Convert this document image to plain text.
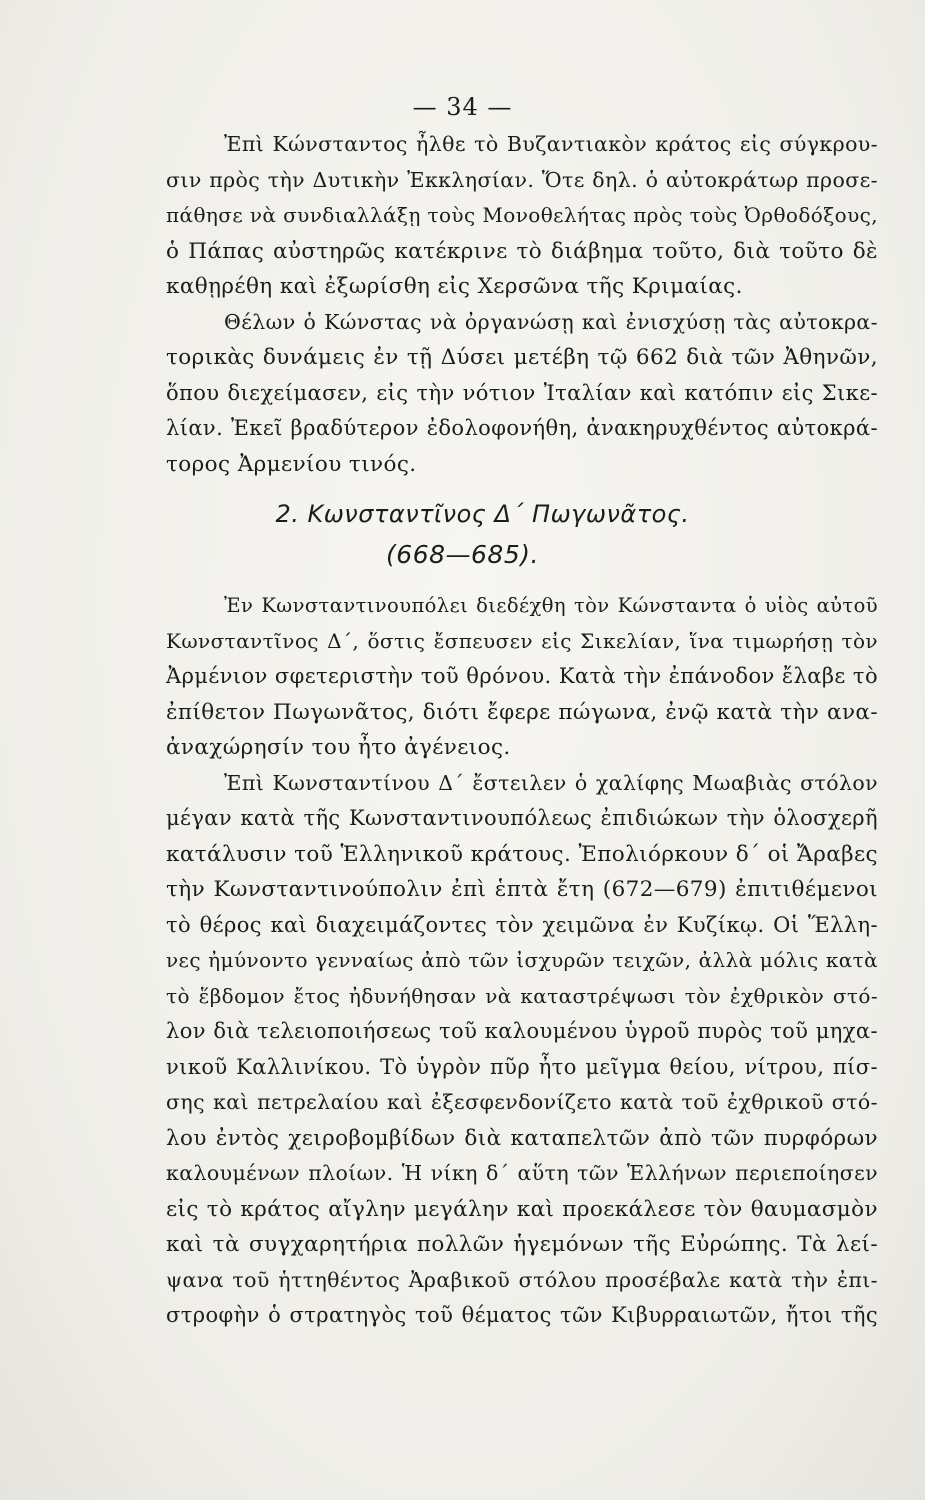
— 34 —
Ἐπὶ Κώνσταντος ἦλθε τὸ Βυζαντιακὸν κράτος εἰς σύγκρου-
σιν πρὸς τὴν Δυτικὴν Ἐκκλησίαν. Ὅτε δηλ. ὁ αὐτοκράτωρ προσε-
πάθησε νὰ συνδιαλλάξῃ τοὺς Μονοθελήτας πρὸς τοὺς Ὀρθοδόξους,
ὁ Πάπας αὐστηρῶς κατέκρινε τὸ διάβημα τοῦτο, διὰ τοῦτο δὲ
καθῃρέθη καὶ ἐξωρίσθη εἰς Χερσῶνα τῆς Κριμαίας.
Θέλων ὁ Κώνστας νὰ ὀργανώσῃ καὶ ἐνισχύσῃ τὰς αὐτοκρα-
τορικὰς δυνάμεις ἐν τῇ Δύσει μετέβη τῷ 662 διὰ τῶν Ἀθηνῶν,
ὅπου διεχείμασεν, εἰς τὴν νότιον Ἰταλίαν καὶ κατόπιν εἰς Σικε-
λίαν. Ἐκεῖ βραδύτερον ἐδολοφονήθη, ἀνακηρυχθέντος αὐτοκρά-
τορος Ἀρμενίου τινός.
2. Κωνσταντῖνος Δ΄ Πωγωνᾶτος.
(668—685).
Ἐν Κωνσταντινουπόλει διεδέχθη τὸν Κώνσταντα ὁ υἱὸς αὐτοῦ
Κωνσταντῖνος Δ΄, ὅστις ἔσπευσεν εἰς Σικελίαν, ἵνα τιμωρήσῃ τὸν
Ἀρμένιον σφετεριστὴν τοῦ θρόνου. Κατὰ τὴν ἐπάνοδον ἔλαβε τὸ
ἐπίθετον Πωγωνᾶτος, διότι ἔφερε πώγωνα, ἐνῷ κατὰ τὴν ανα-
ἀναχώρησίν του ἦτο ἀγένειος.
Ἐπὶ Κωνσταντίνου Δ΄ ἔστειλεν ὁ χαλίφης Μωαβιὰς στόλον
μέγαν κατὰ τῆς Κωνσταντινουπόλεως ἐπιδιώκων τὴν ὁλοσχερῆ
κατάλυσιν τοῦ Ἑλληνικοῦ κράτους. Ἐπολιόρκουν δ΄ οἱ Ἄραβες
τὴν Κωνσταντινούπολιν ἐπὶ ἑπτὰ ἔτη (672—679) ἐπιτιθέμενοι
τὸ θέρος καὶ διαχειμάζοντες τὸν χειμῶνα ἐν Κυζίκῳ. Οἱ Ἕλλη-
νες ἠμύνοντο γενναίως ἀπὸ τῶν ἰσχυρῶν τειχῶν, ἀλλὰ μόλις κατὰ
τὸ ἕβδομον ἔτος ἠδυνήθησαν νὰ καταστρέψωσι τὸν ἐχθρικὸν στό-
λον διὰ τελειοποιήσεως τοῦ καλουμένου ὑγροῦ πυρὸς τοῦ μηχα-
νικοῦ Καλλινίκου. Τὸ ὑγρὸν πῦρ ἦτο μεῖγμα θείου, νίτρου, πίσ-
σης καὶ πετρελαίου καὶ ἐξεσφενδονίζετο κατὰ τοῦ ἐχθρικοῦ στό-
λου ἐντὸς χειροβομβίδων διὰ καταπελτῶν ἀπὸ τῶν πυρφόρων
καλουμένων πλοίων. Ἡ νίκη δ΄ αὕτη τῶν Ἑλλήνων περιεποίησεν
εἰς τὸ κράτος αἴγλην μεγάλην καὶ προεκάλεσε τὸν θαυμασμὸν
καὶ τὰ συγχαρητήρια πολλῶν ἡγεμόνων τῆς Εὐρώπης. Τὰ λεί-
ψανα τοῦ ἡττηθέντος Ἀραβικοῦ στόλου προσέβαλε κατὰ τὴν ἐπι-
στροφὴν ὁ στρατηγὸς τοῦ θέματος τῶν Κιβυρραιωτῶν, ἤτοι τῆς
